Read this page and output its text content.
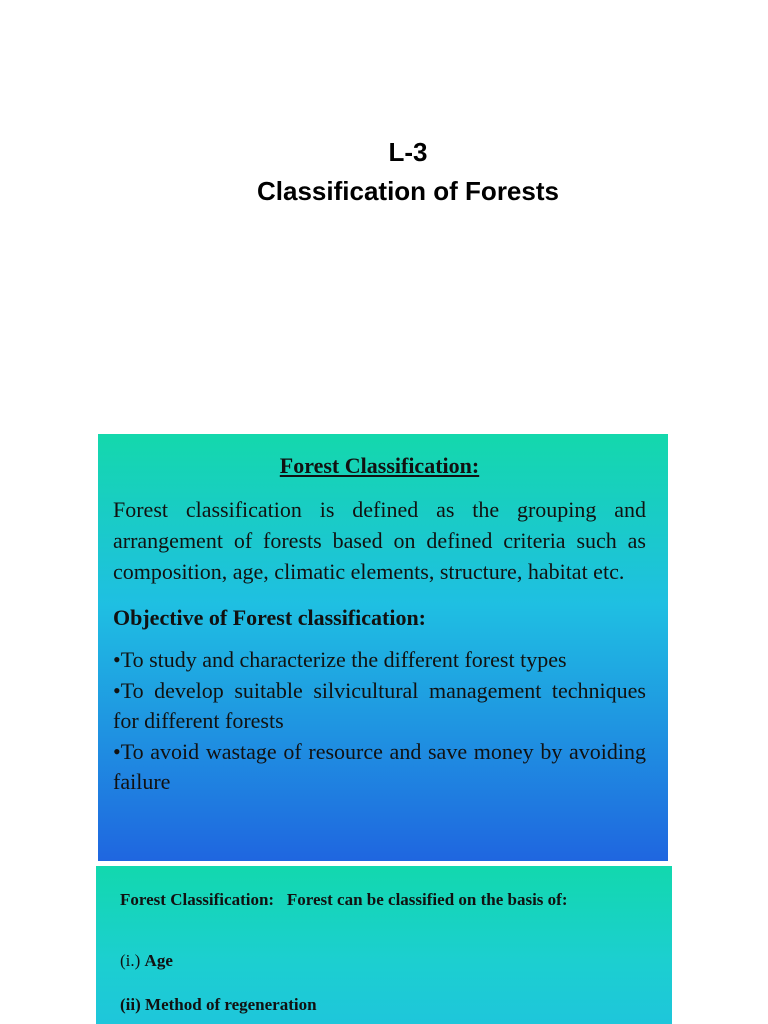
L-3
Classification of Forests
Forest Classification:

Forest classification is defined as the grouping and arrangement of forests based on defined criteria such as composition, age, climatic elements, structure, habitat etc.

Objective of Forest classification:
•To study and characterize the different forest types
•To develop suitable silvicultural management techniques for different forests
•To avoid wastage of resource and save money by avoiding failure

Forest Classification: Forest can be classified on the basis of:

(i.) Age

(ii) Method of regeneration
